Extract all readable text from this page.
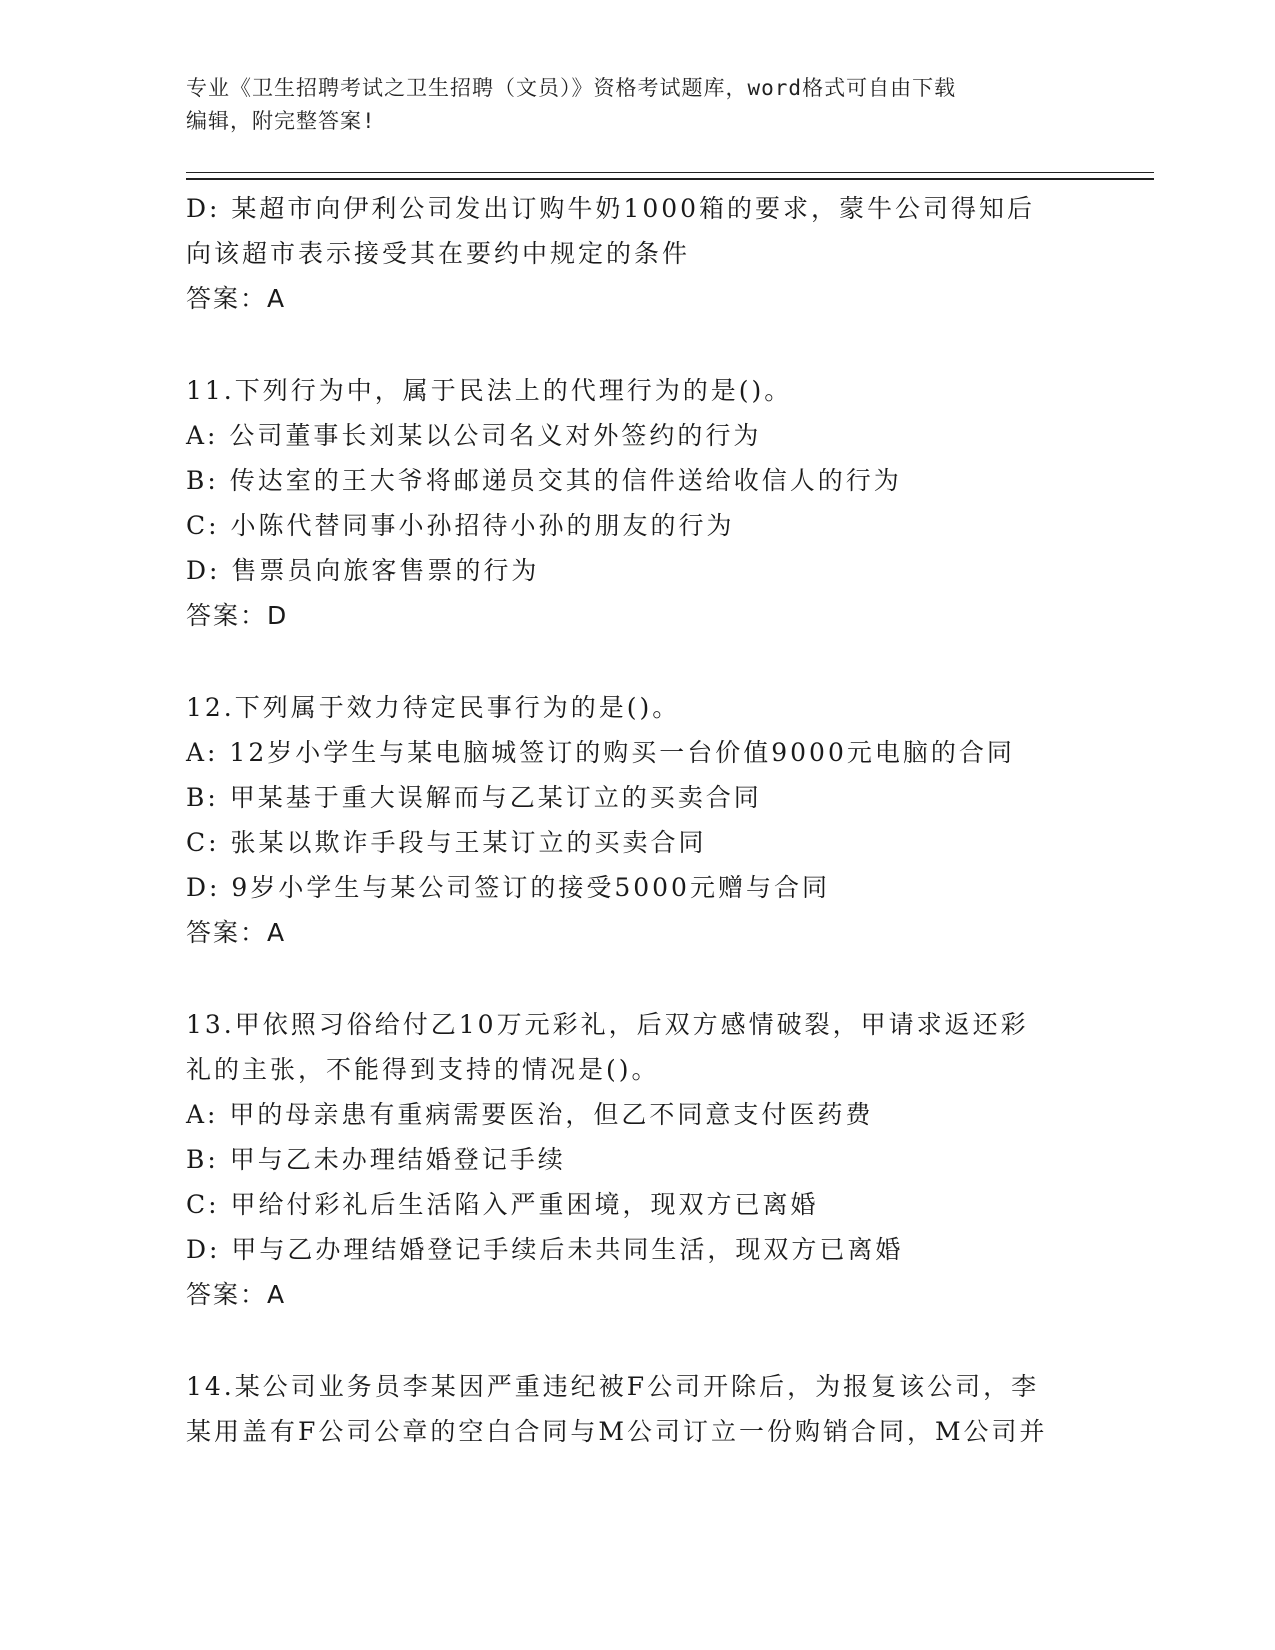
专业《卫生招聘考试之卫生招聘（文员）》资格考试题库，word格式可自由下载
编辑，附完整答案!
D: 某超市向伊利公司发出订购牛奶1000箱的要求，蒙牛公司得知后
向该超市表示接受其在要约中规定的条件
答案：A
11.下列行为中，属于民法上的代理行为的是()。
A: 公司董事长刘某以公司名义对外签约的行为
B: 传达室的王大爷将邮递员交其的信件送给收信人的行为
C: 小陈代替同事小孙招待小孙的朋友的行为
D: 售票员向旅客售票的行为
答案：D
12.下列属于效力待定民事行为的是()。
A: 12岁小学生与某电脑城签订的购买一台价值9000元电脑的合同
B: 甲某基于重大误解而与乙某订立的买卖合同
C: 张某以欺诈手段与王某订立的买卖合同
D: 9岁小学生与某公司签订的接受5000元赠与合同
答案：A
13.甲依照习俗给付乙10万元彩礼，后双方感情破裂，甲请求返还彩
礼的主张，不能得到支持的情况是()。
A: 甲的母亲患有重病需要医治，但乙不同意支付医药费
B: 甲与乙未办理结婚登记手续
C: 甲给付彩礼后生活陷入严重困境，现双方已离婚
D: 甲与乙办理结婚登记手续后未共同生活，现双方已离婚
答案：A
14.某公司业务员李某因严重违纪被F公司开除后，为报复该公司，李
某用盖有F公司公章的空白合同与M公司订立一份购销合同，M公司并
